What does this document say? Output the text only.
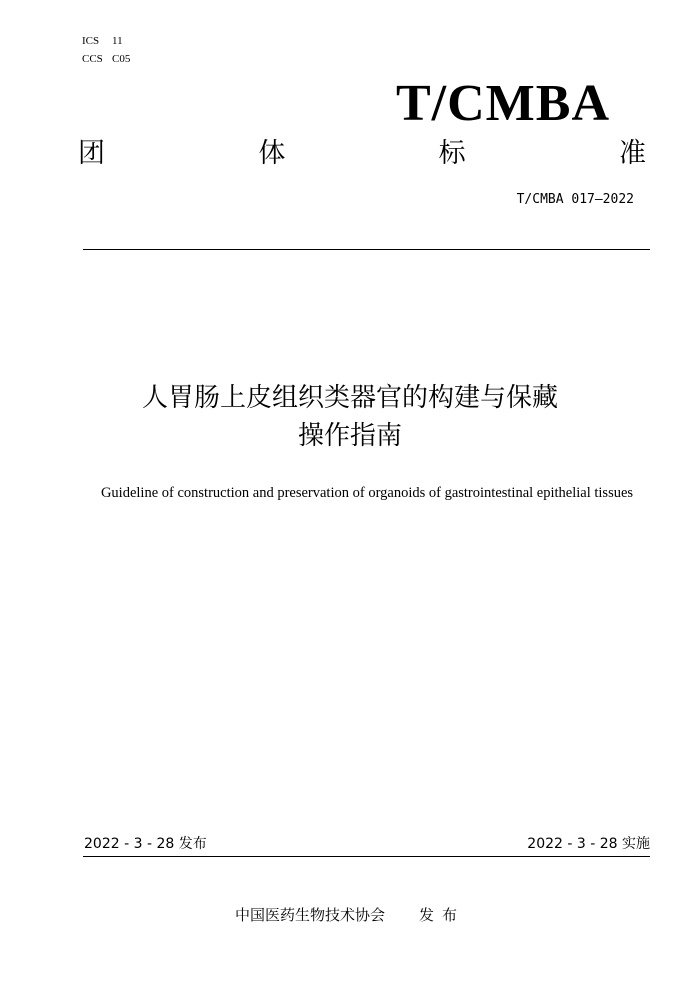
ICS 11
CCS C05
T/CMBA
团	体	标	准
T/CMBA 017—2022
人胃肠上皮组织类器官的构建与保藏
操作指南
Guideline of construction and preservation of organoids of gastrointestinal epithelial tissues
2022 - 3 - 28 发布	2022 - 3 - 28 实施
中国医药生物技术协会 发布
